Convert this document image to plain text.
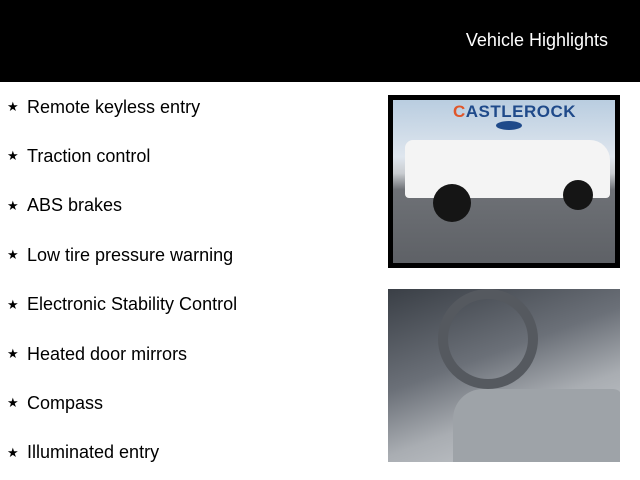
Vehicle Highlights
★ Remote keyless entry
★ Traction control
★ ABS brakes
★ Low tire pressure warning
★ Electronic Stability Control
★ Heated door mirrors
★ Compass
★ Illuminated entry
CASTLEROCK
